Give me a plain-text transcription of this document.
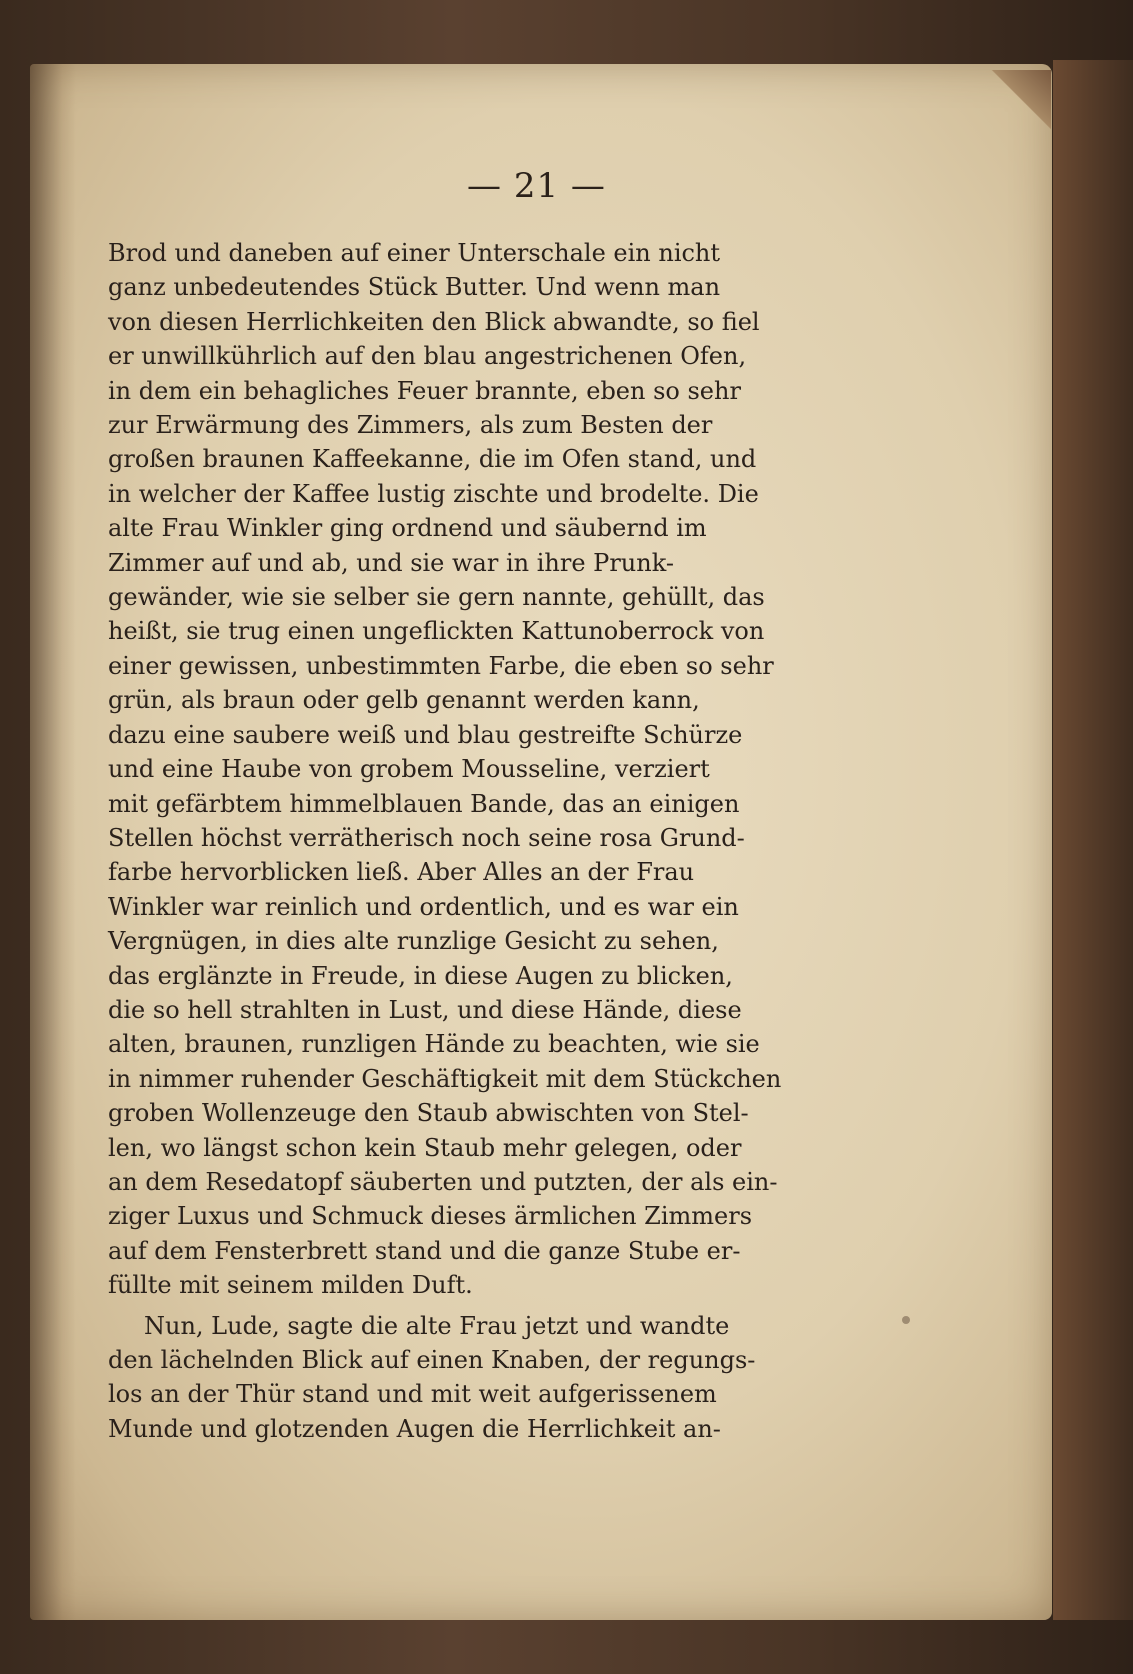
— 21 —

Brod und daneben auf einer Unterschale ein nicht
ganz unbedeutendes Stück Butter. Und wenn man
von diesen Herrlichkeiten den Blick abwandte, so fiel
er unwillkührlich auf den blau angestrichenen Ofen,
in dem ein behagliches Feuer brannte, eben so sehr
zur Erwärmung des Zimmers, als zum Besten der
großen braunen Kaffeekanne, die im Ofen stand, und
in welcher der Kaffee lustig zischte und brodelte. Die
alte Frau Winkler ging ordnend und säubernd im
Zimmer auf und ab, und sie war in ihre Prunk-
gewänder, wie sie selber sie gern nannte, gehüllt, das
heißt, sie trug einen ungeflickten Kattunoberrock von
einer gewissen, unbestimmten Farbe, die eben so sehr
grün, als braun oder gelb genannt werden kann,
dazu eine saubere weiß und blau gestreifte Schürze
und eine Haube von grobem Mousseline, verziert
mit gefärbtem himmelblauen Bande, das an einigen
Stellen höchst verrätherisch noch seine rosa Grund-
farbe hervorblicken ließ. Aber Alles an der Frau
Winkler war reinlich und ordentlich, und es war ein
Vergnügen, in dies alte runzlige Gesicht zu sehen,
das erglänzte in Freude, in diese Augen zu blicken,
die so hell strahlten in Lust, und diese Hände, diese
alten, braunen, runzligen Hände zu beachten, wie sie
in nimmer ruhender Geschäftigkeit mit dem Stückchen
groben Wollenzeuge den Staub abwischten von Stel-
len, wo längst schon kein Staub mehr gelegen, oder
an dem Resedatopf säuberten und putzten, der als ein-
ziger Luxus und Schmuck dieses ärmlichen Zimmers
auf dem Fensterbrett stand und die ganze Stube er-
füllte mit seinem milden Duft.

Nun, Lude, sagte die alte Frau jetzt und wandte
den lächelnden Blick auf einen Knaben, der regungs-
los an der Thür stand und mit weit aufgerissenem
Munde und glotzenden Augen die Herrlichkeit an-
